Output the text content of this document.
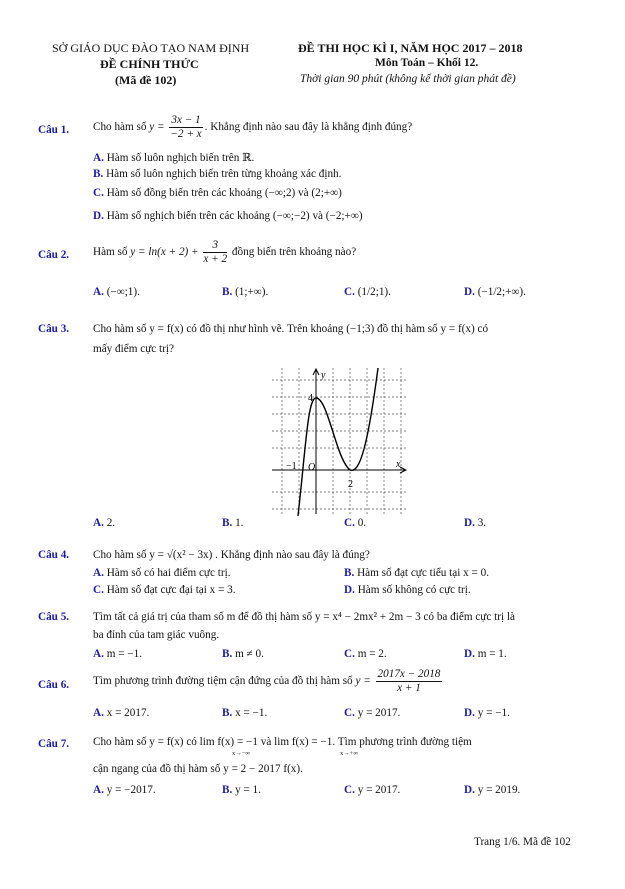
SỞ GIÁO DỤC ĐÀO TẠO NAM ĐỊNH
ĐỀ CHÍNH THỨC
(Mã đề 102)
ĐỀ THI HỌC KÌ I, NĂM HỌC 2017 – 2018
Môn Toán – Khối 12.
Thời gian 90 phút (không kể thời gian phát đề)
Câu 1. Cho hàm số $y = \frac{3x - 1}{-2 + x}$ . Khẳng định nào sau đây là khẳng định đúng?
A. Hàm số luôn nghịch biến trên ℝ.
B. Hàm số luôn nghịch biến trên từng khoảng xác định.
C. Hàm số đồng biến trên các khoảng (−∞;2) và (2;+∞)
D. Hàm số nghịch biến trên các khoảng (−∞;−2) và (−2;+∞)
Câu 2. Hàm số $y = \ln(x + 2) + \frac{3}{x + 2}$ đồng biến trên khoảng nào?
A. (−∞;1).	B. (1;+∞).	C. (1/2;1).	D. (−1/2;+∞).
Câu 3. Cho hàm số y = f(x) có đồ thị như hình vẽ. Trên khoảng (−1;3) đồ thị hàm số y = f(x) có
mấy điểm cực trị?
y
x
O
4
−1
2
A. 2.	B. 1.	C. 0.	D. 3.
Câu 4. Cho hàm số y = √(x² − 3x) . Khẳng định nào sau đây là đúng?
A. Hàm số có hai điểm cực trị.	B. Hàm số đạt cực tiểu tại x = 0.
C. Hàm số đạt cực đại tại x = 3.	D. Hàm số không có cực trị.
Câu 5. Tìm tất cả giá trị của tham số m để đồ thị hàm số y = x⁴ − 2mx² + 2m − 3 có ba điểm cực trị là
ba đỉnh của tam giác vuông.
A. m = −1.	B. m ≠ 0.	C. m = 2.	D. m = 1.
Câu 6. Tìm phương trình đường tiệm cận đứng của đồ thị hàm số $y = \frac{2017x - 2018}{x + 1}$
A. x = 2017.	B. x = −1.	C. y = 2017.	D. y = −1.
Câu 7. Cho hàm số y = f(x) có lim f(x) = −1 và lim f(x) = −1. Tìm phương trình đường tiệm
x→−∞	x→+∞
cận ngang của đồ thị hàm số y = 2 − 2017 f(x).
A. y = −2017.	B. y = 1.	C. y = 2017.	D. y = 2019.
Trang 1/6. Mã đề 102
